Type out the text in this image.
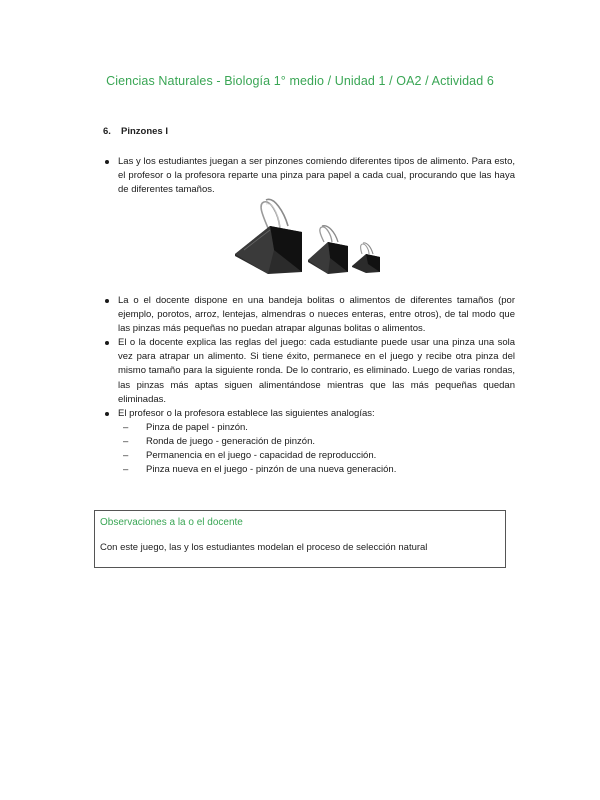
Ciencias Naturales - Biología 1° medio / Unidad 1 / OA2 / Actividad 6
6. Pinzones I
Las y los estudiantes juegan a ser pinzones comiendo diferentes tipos de alimento. Para esto, el profesor o la profesora reparte una pinza para papel a cada cual, procurando que las haya de diferentes tamaños.
La o el docente dispone en una bandeja bolitas o alimentos de diferentes tamaños (por ejemplo, porotos, arroz, lentejas, almendras o nueces enteras, entre otros), de tal modo que las pinzas más pequeñas no puedan atrapar algunas bolitas o alimentos.
El o la docente explica las reglas del juego: cada estudiante puede usar una pinza una sola vez para atrapar un alimento. Si tiene éxito, permanece en el juego y recibe otra pinza del mismo tamaño para la siguiente ronda. De lo contrario, es eliminado. Luego de varias rondas, las pinzas más aptas siguen alimentándose mientras que las más pequeñas quedan eliminadas.
El profesor o la profesora establece las siguientes analogías:
– Pinza de papel - pinzón.
– Ronda de juego - generación de pinzón.
– Permanencia en el juego - capacidad de reproducción.
– Pinza nueva en el juego - pinzón de una nueva generación.
Observaciones a la o el docente
Con este juego, las y los estudiantes modelan el proceso de selección natural
